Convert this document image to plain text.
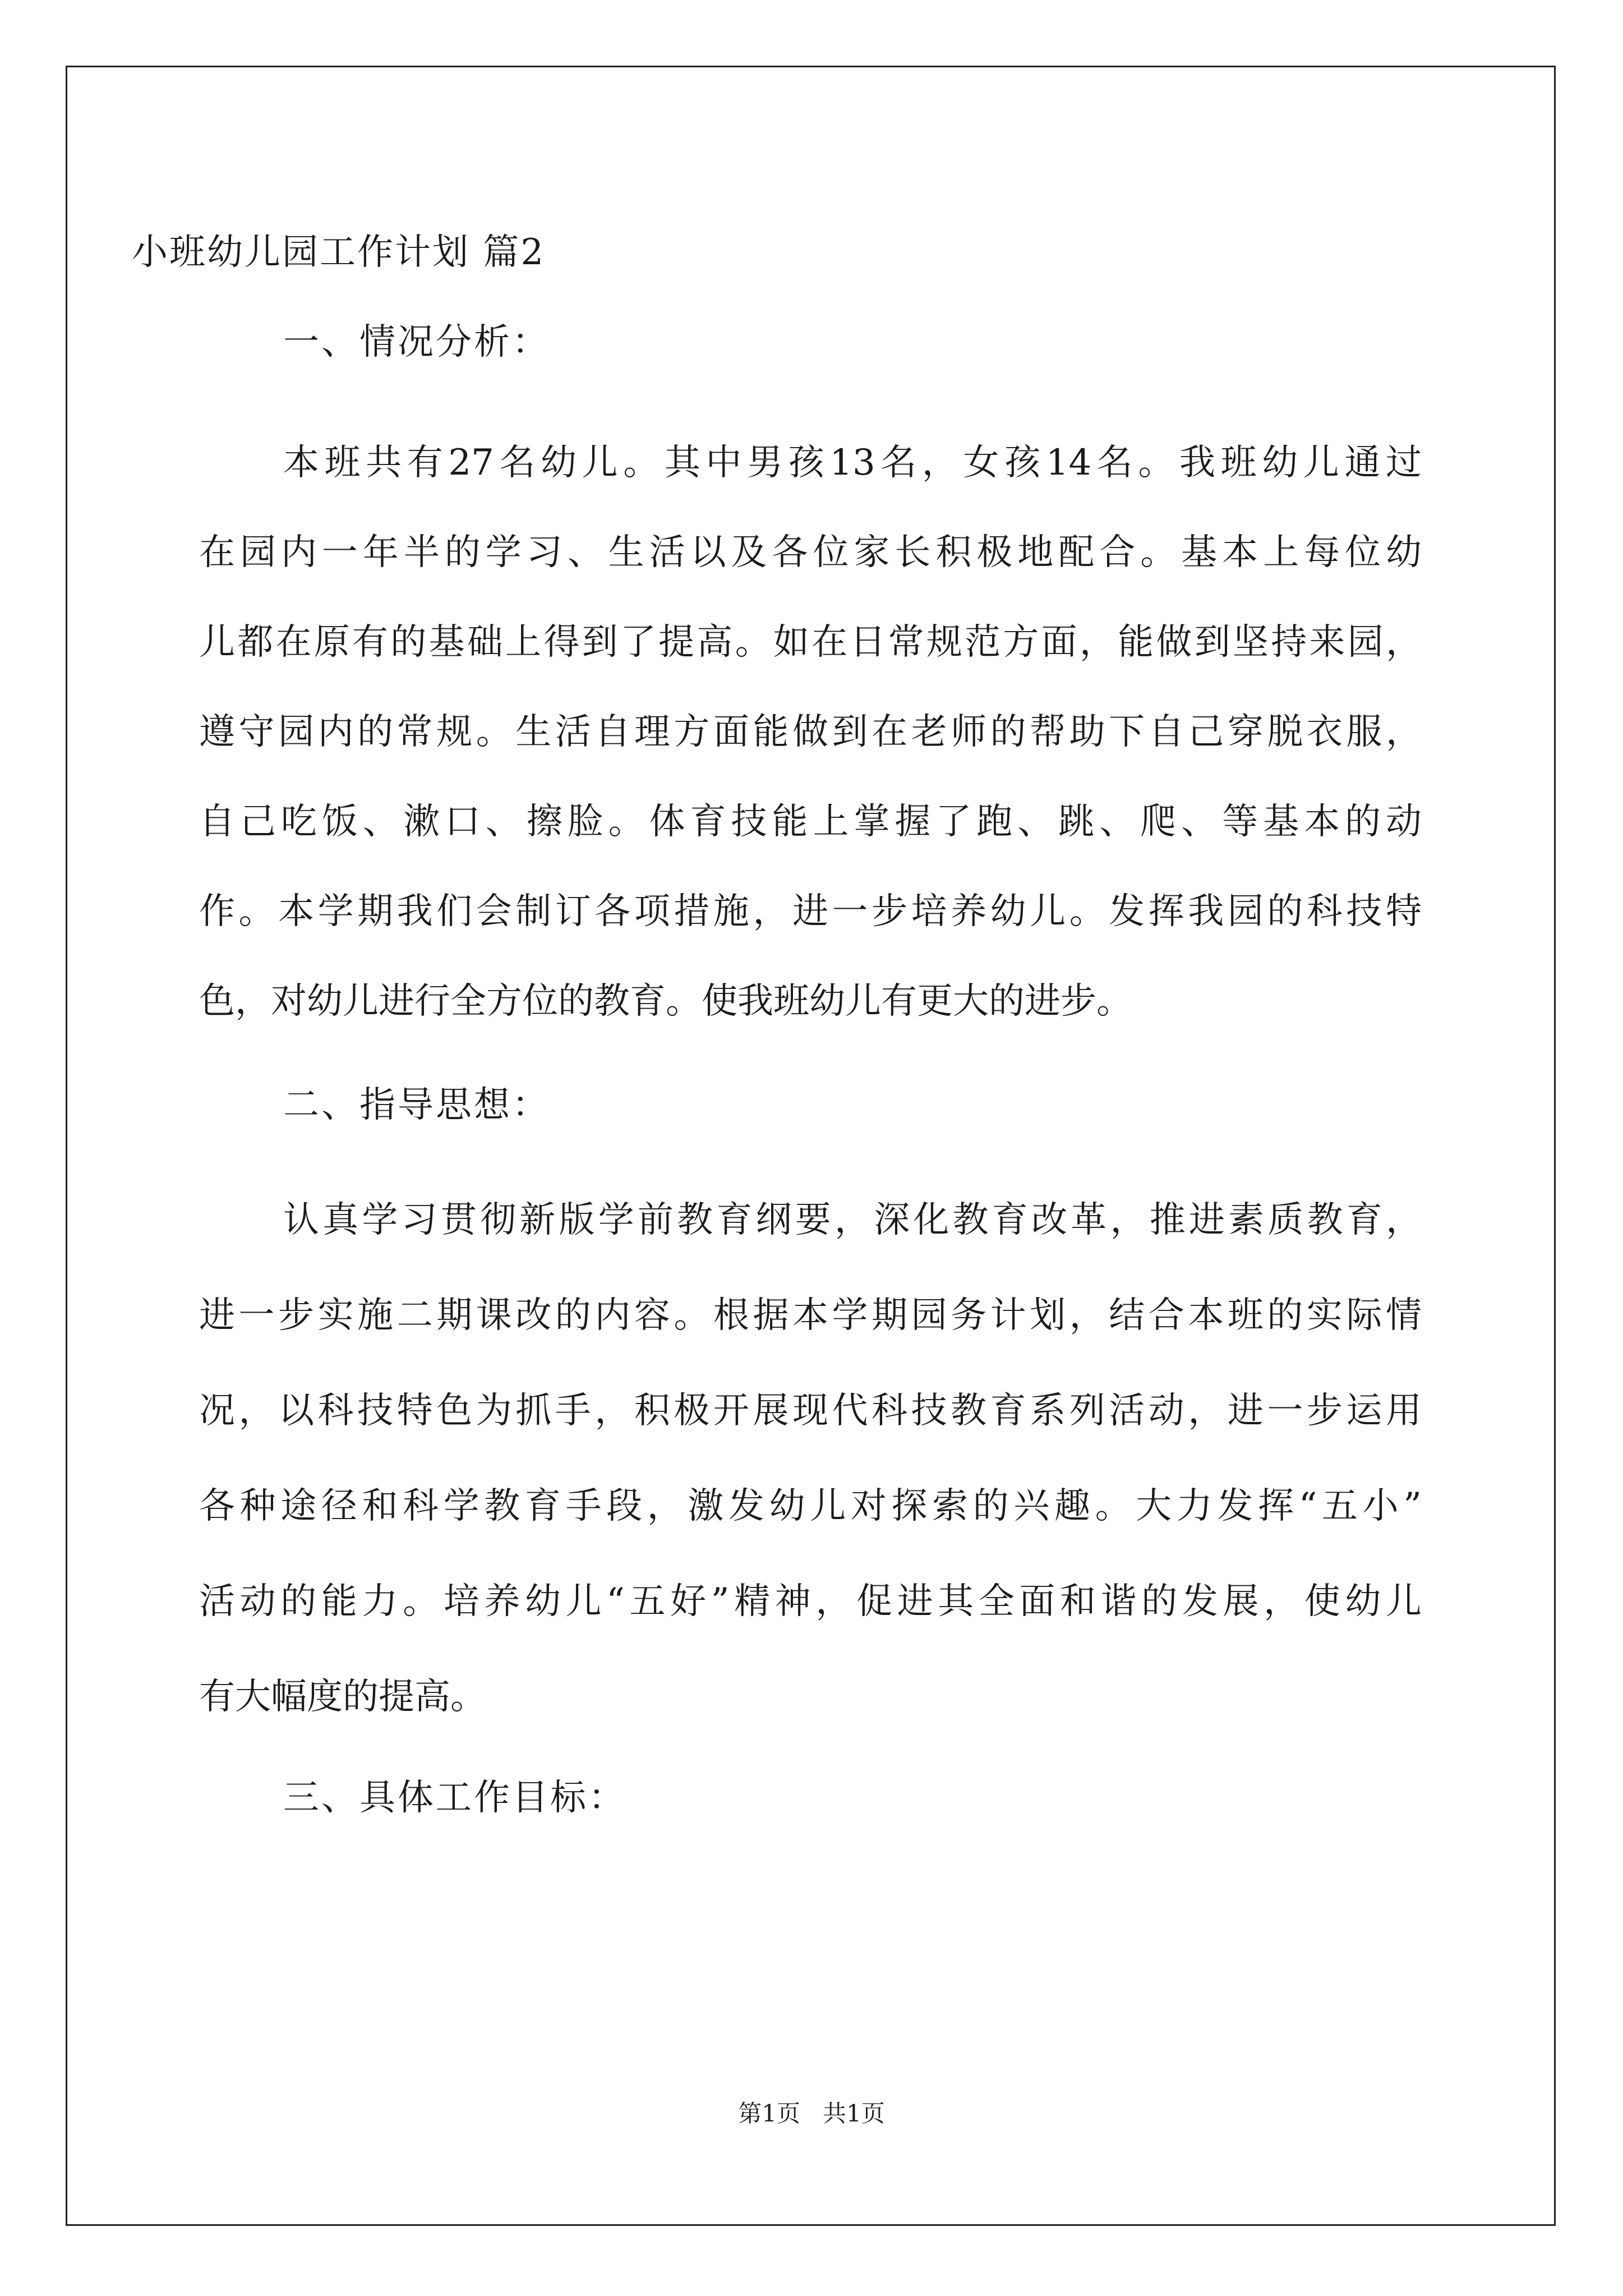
小班幼儿园工作计划 篇2
一、情况分析：
本班共有27名幼儿。其中男孩13名，女孩14名。我班幼儿通过
在园内一年半的学习、生活以及各位家长积极地配合。基本上每位幼
儿都在原有的基础上得到了提高。如在日常规范方面，能做到坚持来园，
遵守园内的常规。生活自理方面能做到在老师的帮助下自己穿脱衣服，
自己吃饭、漱口、擦脸。体育技能上掌握了跑、跳、爬、等基本的动
作。本学期我们会制订各项措施，进一步培养幼儿。发挥我园的科技特
色，对幼儿进行全方位的教育。使我班幼儿有更大的进步。
二、指导思想：
认真学习贯彻新版学前教育纲要，深化教育改革，推进素质教育，
进一步实施二期课改的内容。根据本学期园务计划，结合本班的实际情
况，以科技特色为抓手，积极开展现代科技教育系列活动，进一步运用
各种途径和科学教育手段，激发幼儿对探索的兴趣。大力发挥“五小”
活动的能力。培养幼儿“五好”精神，促进其全面和谐的发展，使幼儿
有大幅度的提高。
三、具体工作目标：
第1页   共1页
